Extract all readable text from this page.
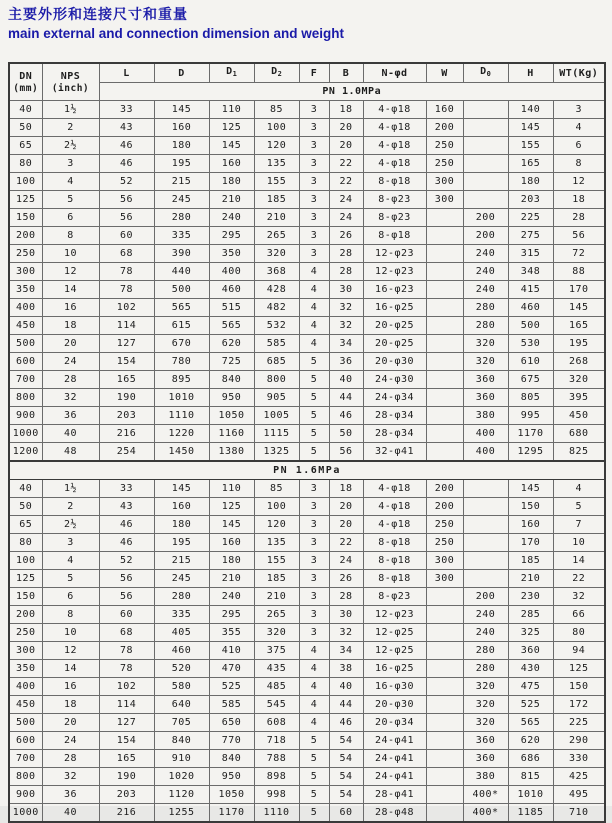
主要外形和连接尺寸和重量
main external and connection dimension and weight
DN
(mm)	NPS
(inch)	L	D	$D_1$	$D_2$	F	B	N-φd	W	$D_0$	H	WT(Kg)
		PN 1.0MPa										
40	1½	33	145	110	85	3	18	4-φ18	160		140	3
50	2	43	160	125	100	3	20	4-φ18	200		145	4
65	2½	46	180	145	120	3	20	4-φ18	250		155	6
80	3	46	195	160	135	3	22	4-φ18	250		165	8
100	4	52	215	180	155	3	22	8-φ18	300		180	12
125	5	56	245	210	185	3	24	8-φ23	300		203	18
150	6	56	280	240	210	3	24	8-φ23		200	225	28
200	8	60	335	295	265	3	26	8-φ18		200	275	56
250	10	68	390	350	320	3	28	12-φ23		240	315	72
300	12	78	440	400	368	4	28	12-φ23		240	348	88
350	14	78	500	460	428	4	30	16-φ23		240	415	170
400	16	102	565	515	482	4	32	16-φ25		280	460	145
450	18	114	615	565	532	4	32	20-φ25		280	500	165
500	20	127	670	620	585	4	34	20-φ25		320	530	195
600	24	154	780	725	685	5	36	20-φ30		320	610	268
700	28	165	895	840	800	5	40	24-φ30		360	675	320
800	32	190	1010	950	905	5	44	24-φ34		360	805	395
900	36	203	1110	1050	1005	5	46	28-φ34		380	995	450
1000	40	216	1220	1160	1115	5	50	28-φ34		400	1170	680
1200	48	254	1450	1380	1325	5	56	32-φ41		400	1295	825
PN 1.6MPa												
40	1½	33	145	110	85	3	18	4-φ18	200		145	4
50	2	43	160	125	100	3	20	4-φ18	200		150	5
65	2½	46	180	145	120	3	20	4-φ18	250		160	7
80	3	46	195	160	135	3	22	8-φ18	250		170	10
100	4	52	215	180	155	3	24	8-φ18	300		185	14
125	5	56	245	210	185	3	26	8-φ18	300		210	22
150	6	56	280	240	210	3	28	8-φ23		200	230	32
200	8	60	335	295	265	3	30	12-φ23		240	285	66
250	10	68	405	355	320	3	32	12-φ25		240	325	80
300	12	78	460	410	375	4	34	12-φ25		280	360	94
350	14	78	520	470	435	4	38	16-φ25		280	430	125
400	16	102	580	525	485	4	40	16-φ30		320	475	150
450	18	114	640	585	545	4	44	20-φ30		320	525	172
500	20	127	705	650	608	4	46	20-φ34		320	565	225
600	24	154	840	770	718	5	54	24-φ41		360	620	290
700	28	165	910	840	788	5	54	24-φ41		360	686	330
800	32	190	1020	950	898	5	54	24-φ41		380	815	425
900	36	203	1120	1050	998	5	54	28-φ41		400*	1010	495
1000	40	216	1255	1170	1110	5	60	28-φ48		400*	1185	710
